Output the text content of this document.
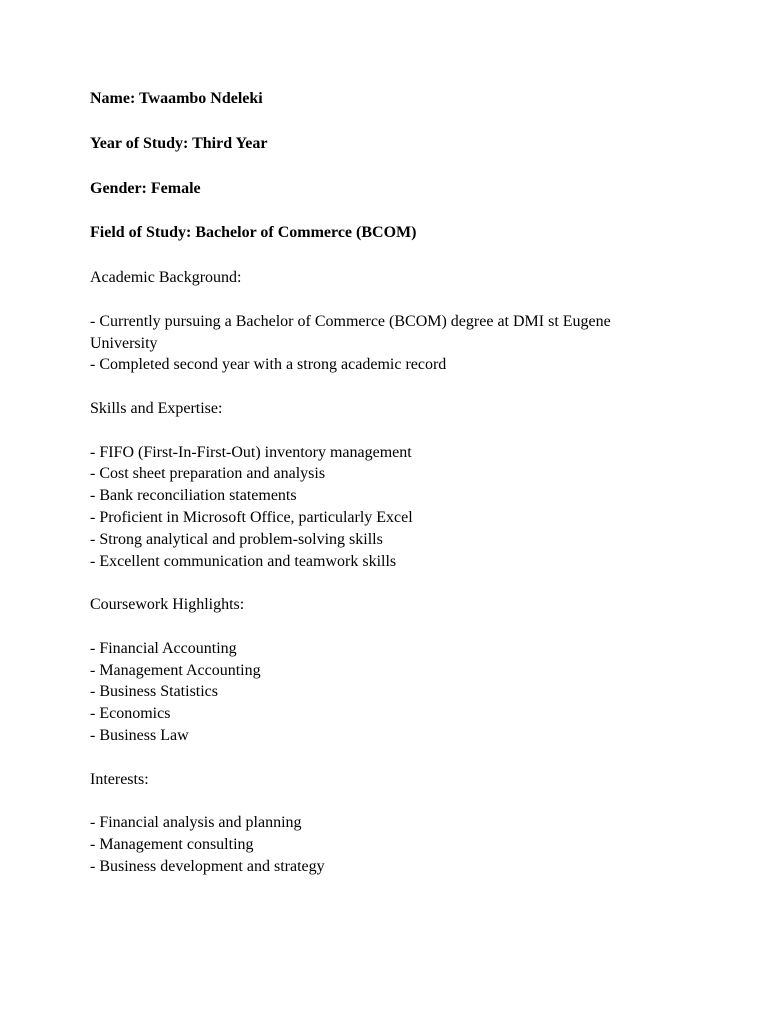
Name: Twaambo Ndeleki
Year of Study: Third Year
Gender: Female
Field of Study: Bachelor of Commerce (BCOM)
Academic Background:
- Currently pursuing a Bachelor of Commerce (BCOM) degree at DMI st Eugene University
- Completed second year with a strong academic record
Skills and Expertise:
- FIFO (First-In-First-Out) inventory management
- Cost sheet preparation and analysis
- Bank reconciliation statements
- Proficient in Microsoft Office, particularly Excel
- Strong analytical and problem-solving skills
- Excellent communication and teamwork skills
Coursework Highlights:
- Financial Accounting
- Management Accounting
- Business Statistics
- Economics
- Business Law
Interests:
- Financial analysis and planning
- Management consulting
- Business development and strategy
